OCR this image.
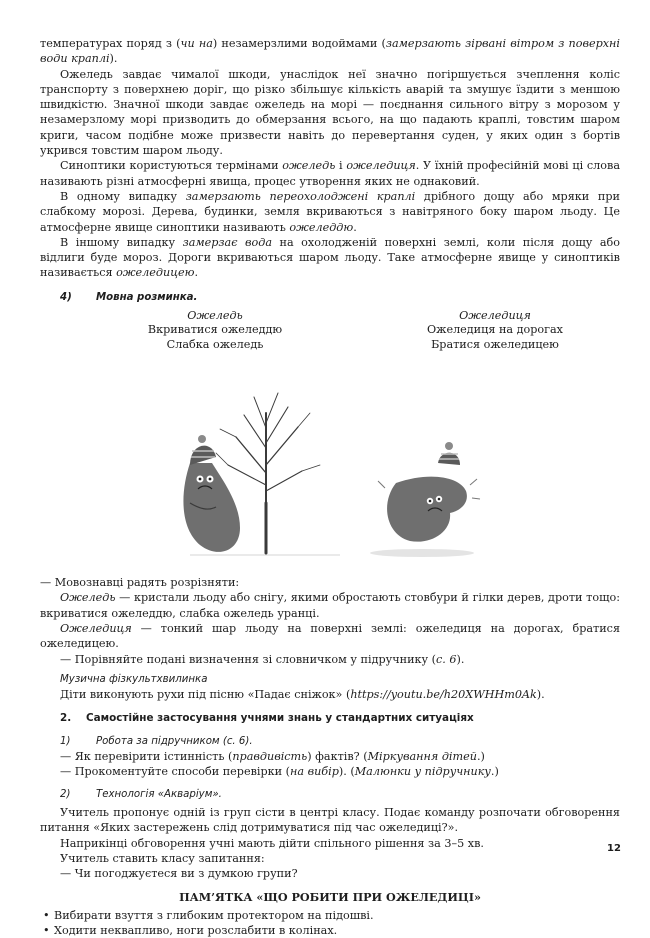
температурах поряд з (чи на) незамерзлими водоймами (замерзають зірвані вітром з поверхні води краплі).

Ожеледь завдає чималої шкоди, унаслідок неї значно погіршується зчеплення коліс транспорту з поверхнею доріг, що різко збільшує кількість аварій та змушує їздити з меншою швидкістю. Значної шкоди завдає ожеледь на морі — поєднання сильного вітру з морозом у незамерзлому морі призводить до обмерзання всього, на що падають краплі, товстим шаром криги, часом подібне може призвести навіть до перевертання суден, у яких один з бортів укрився товстим шаром льоду.

Синоптики користуються термінами ожеледь і ожеледиця. У їхній професійній мові ці слова називають різні атмосферні явища, процес утворення яких не однаковий.

В одному випадку замерзають переохолоджені краплі дрібного дощу або мряки при слабкому морозі. Дерева, будинки, земля вкриваються з навітряного боку шаром льоду. Це атмосферне явище синоптики називають ожеледдю.

В іншому випадку замерзає вода на охолодженій поверхні землі, коли після дощу або відлиги буде мороз. Дороги вкриваються шаром льоду. Таке атмосферне явище у синоптиків називається ожеледицею.

4) Мовна розминка.
Ожеледь
Вкриватися ожеледдю
Слабка ожеледь
Ожеледиця
Ожеледиця на дорогах
Братися ожеледицею

— Мовознавці радять розрізняти:

Ожеледь — кристали льоду або снігу, якими обростають стовбури й гілки дерев, дроти тощо: вкриватися ожеледдю, слабка ожеледь уранці.

Ожеледиця — тонкий шар льоду на поверхні землі: ожеледиця на дорогах, братися ожеледицею.

— Порівняйте подані визначення зі словничком у підручнику (с. 6).

Музична фізкультхвилинка

Діти виконують рухи під пісню «Падає сніжок» (https://youtu.be/h20XWHHm0Ak).

2. Самостійне застосування учнями знань у стандартних ситуаціях
1)	Робота за підручником (с. 6).

— Як перевірити істинність (правдивість) фактів? (Міркування дітей.)

— Прокоментуйте способи перевірки (на вибір). (Малюнки у підручнику.)

2)	Технологія «Акваріум».

Учитель пропонує одній із груп сісти в центрі класу. Подає команду розпочати обговорення питання «Яких застережень слід дотримуватися під час ожеледиці?».

Наприкінці обговорення учні мають дійти спільного рішення за 3–5 хв.

Учитель ставить класу запитання:

— Чи погоджуєтеся ви з думкою групи?

ПАМ’ЯТКА «ЩО РОБИТИ ПРИ ОЖЕЛЕДИЦІ»
• Вибирати взуття з глибоким протектором на підошві.
• Ходити неквапливо, ноги розслабити в колінах.
12
